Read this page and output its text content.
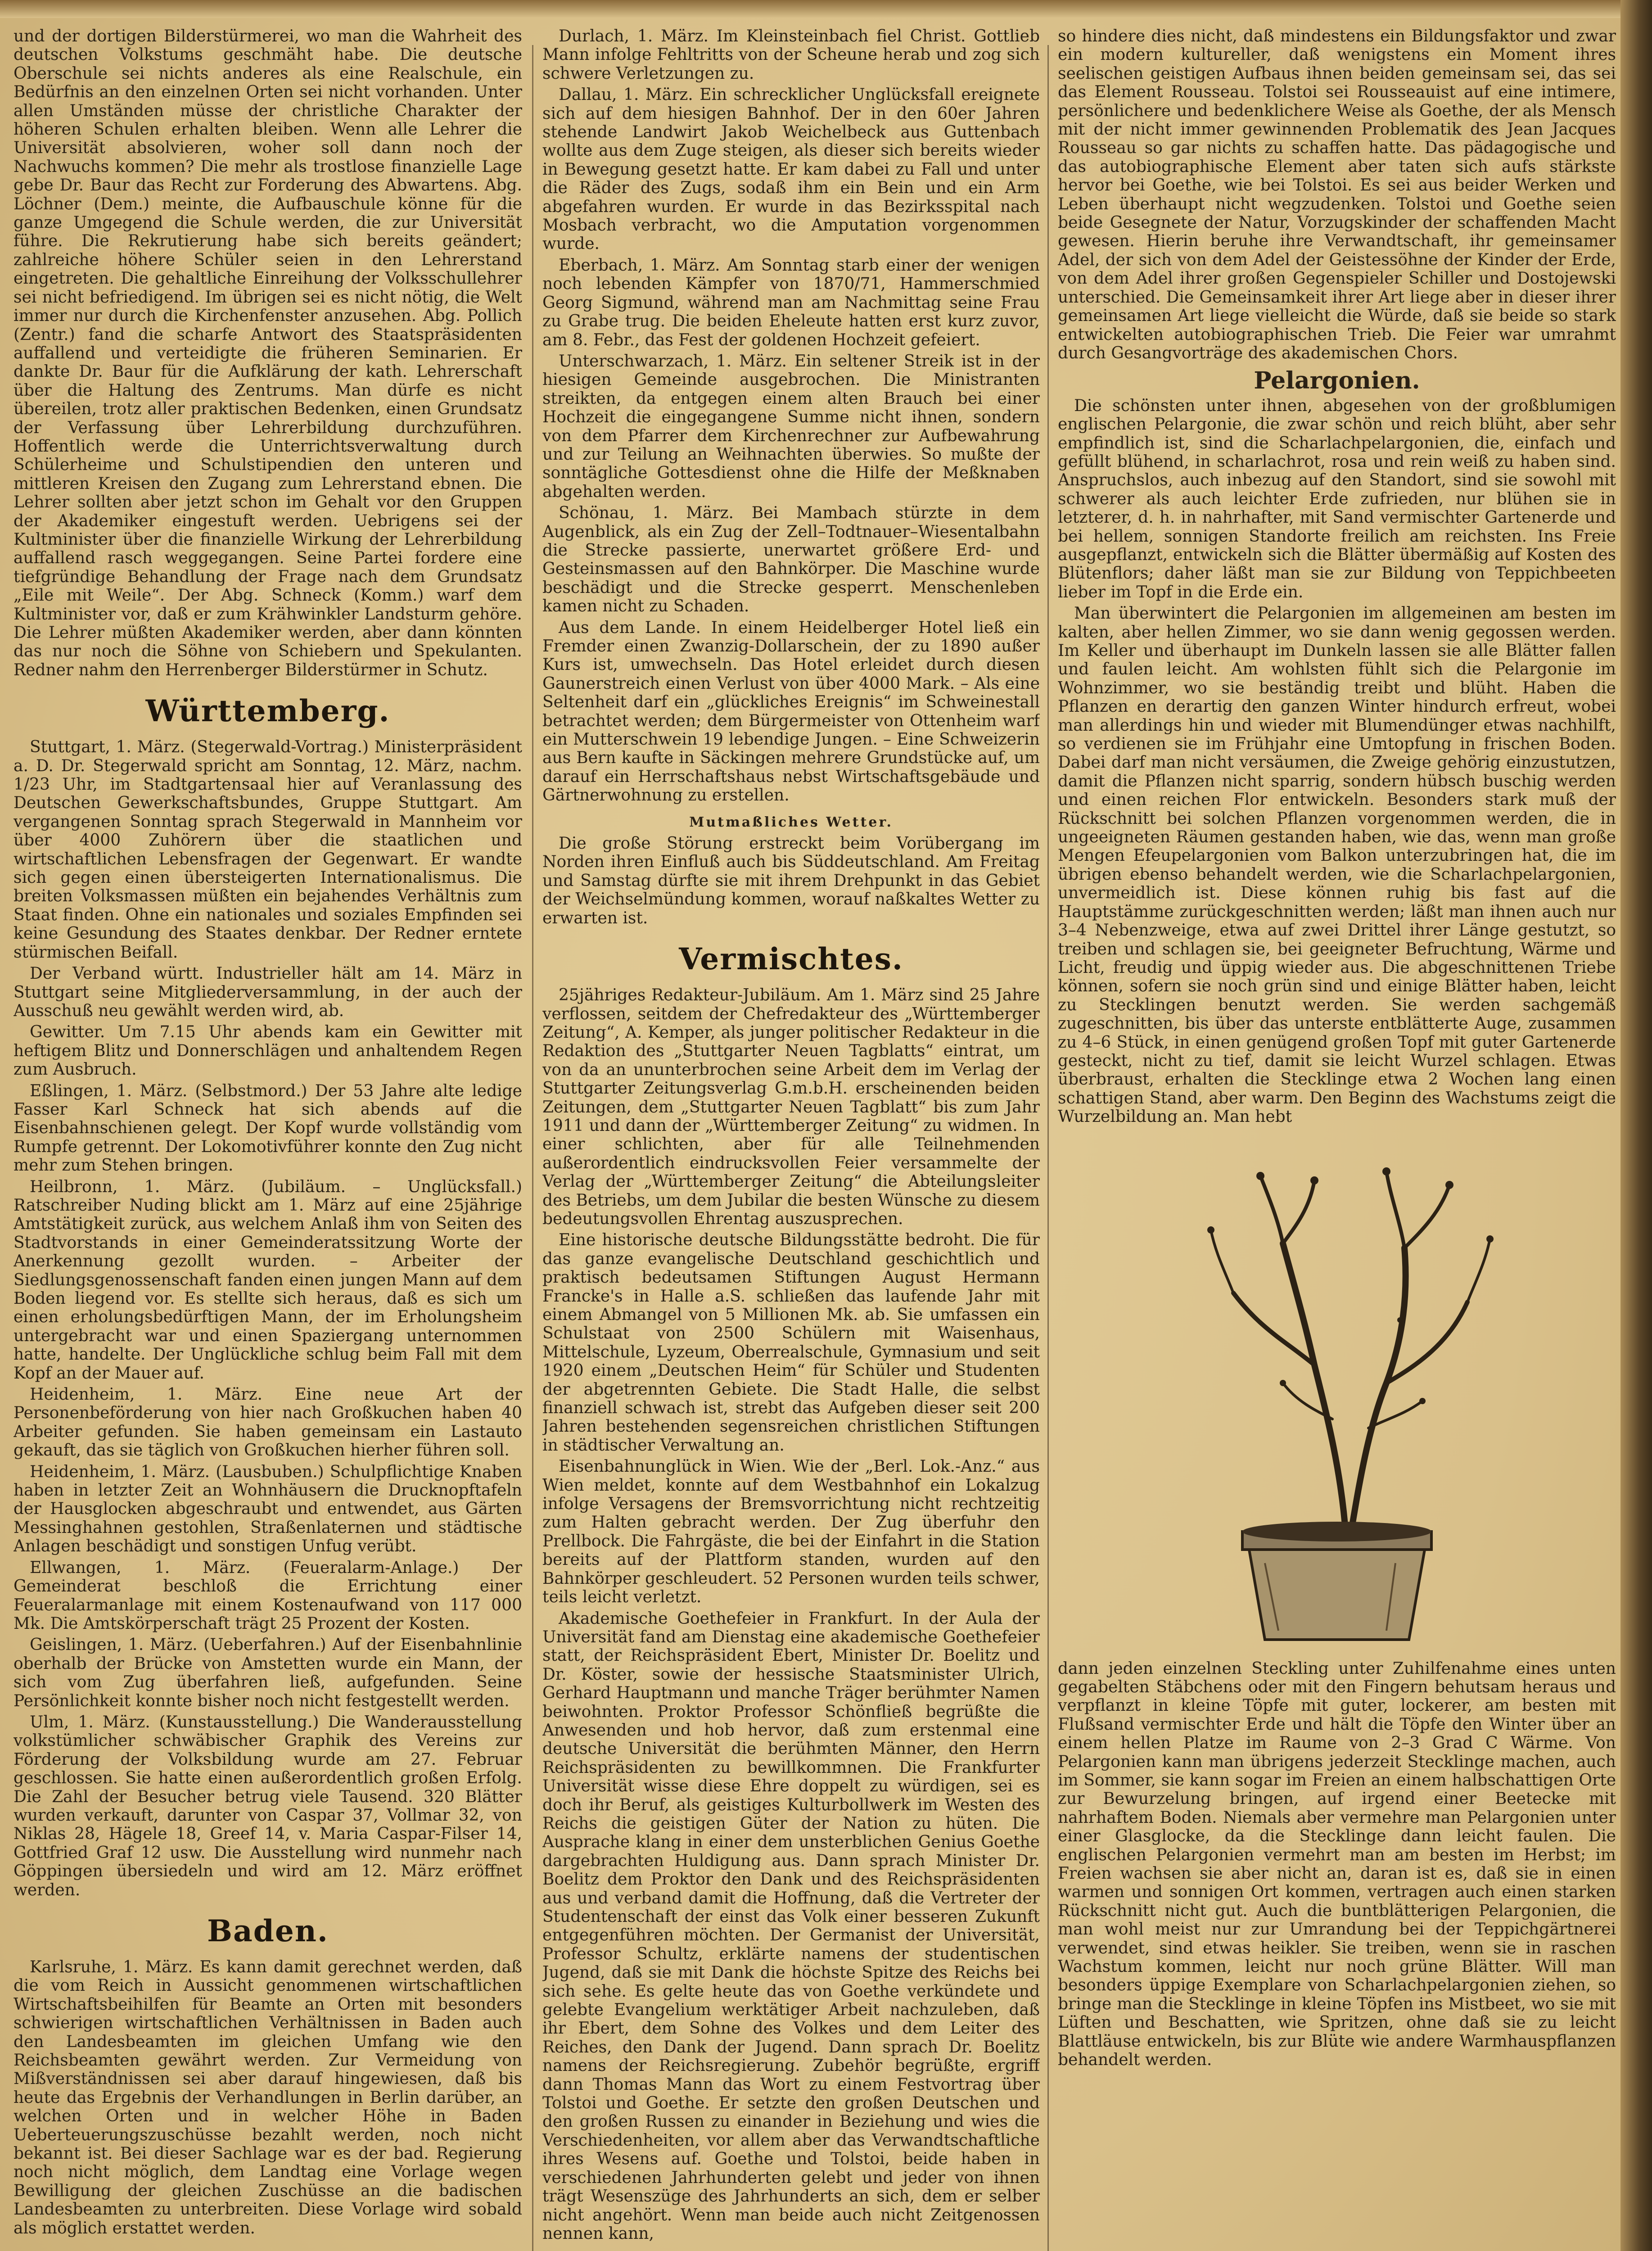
und der dortigen Bilderstürmerei, wo man die Wahrheit des deutschen Volkstums geschmäht habe. Die deutsche Oberschule sei nichts anderes als eine Realschule, ein Bedürfnis an den einzelnen Orten sei nicht vorhanden. Unter allen Umständen müsse der christliche Charakter der höheren Schulen erhalten bleiben. Wenn alle Lehrer die Universität absolvieren, woher soll dann noch der Nachwuchs kommen? Die mehr als trostlose finanzielle Lage gebe Dr. Baur das Recht zur Forderung des Abwartens. Abg. Löchner (Dem.) meinte, die Aufbauschule könne für die ganze Umgegend die Schule werden, die zur Universität führe. Die Rekrutierung habe sich bereits geändert; zahlreiche höhere Schüler seien in den Lehrerstand eingetreten. Die gehaltliche Einreihung der Volksschullehrer sei nicht befriedigend. Im übrigen sei es nicht nötig, die Welt immer nur durch die Kirchenfenster anzusehen. Abg. Pollich (Zentr.) fand die scharfe Antwort des Staatspräsidenten auffallend und verteidigte die früheren Seminarien. Er dankte Dr. Baur für die Aufklärung der kath. Lehrerschaft über die Haltung des Zentrums. Man dürfe es nicht übereilen, trotz aller praktischen Bedenken, einen Grundsatz der Verfassung über Lehrerbildung durchzuführen. Hoffentlich werde die Unterrichtsverwaltung durch Schülerheime und Schulstipendien den unteren und mittleren Kreisen den Zugang zum Lehrerstand ebnen. Die Lehrer sollten aber jetzt schon im Gehalt vor den Gruppen der Akademiker eingestuft werden. Uebrigens sei der Kultminister über die finanzielle Wirkung der Lehrerbildung auffallend rasch weggegangen. Seine Partei fordere eine tiefgründige Behandlung der Frage nach dem Grundsatz „Eile mit Weile“. Der Abg. Schneck (Komm.) warf dem Kultminister vor, daß er zum Krähwinkler Landsturm gehöre. Die Lehrer müßten Akademiker werden, aber dann könnten das nur noch die Söhne von Schiebern und Spekulanten. Redner nahm den Herrenberger Bilderstürmer in Schutz.

Württemberg.

Stuttgart, 1. März. (Stegerwald-Vortrag.) Ministerpräsident a. D. Dr. Stegerwald spricht am Sonntag, 12. März, nachm. 1/23 Uhr, im Stadtgartensaal hier auf Veranlassung des Deutschen Gewerkschaftsbundes, Gruppe Stuttgart. Am vergangenen Sonntag sprach Stegerwald in Mannheim vor über 4000 Zuhörern über die staatlichen und wirtschaftlichen Lebensfragen der Gegenwart. Er wandte sich gegen einen übersteigerten Internationalismus. Die breiten Volksmassen müßten ein bejahendes Verhältnis zum Staat finden. Ohne ein nationales und soziales Empfinden sei keine Gesundung des Staates denkbar. Der Redner erntete stürmischen Beifall.

Der Verband württ. Industrieller hält am 14. März in Stuttgart seine Mitgliederversammlung, in der auch der Ausschuß neu gewählt werden wird, ab.

Gewitter. Um 7.15 Uhr abends kam ein Gewitter mit heftigem Blitz und Donnerschlägen und anhaltendem Regen zum Ausbruch.

Eßlingen, 1. März. (Selbstmord.) Der 53 Jahre alte ledige Fasser Karl Schneck hat sich abends auf die Eisenbahnschienen gelegt. Der Kopf wurde vollständig vom Rumpfe getrennt. Der Lokomotivführer konnte den Zug nicht mehr zum Stehen bringen.

Heilbronn, 1. März. (Jubiläum. – Unglücksfall.) Ratschreiber Nuding blickt am 1. März auf eine 25jährige Amtstätigkeit zurück, aus welchem Anlaß ihm von Seiten des Stadtvorstands in einer Gemeinderatssitzung Worte der Anerkennung gezollt wurden. – Arbeiter der Siedlungsgenossenschaft fanden einen jungen Mann auf dem Boden liegend vor. Es stellte sich heraus, daß es sich um einen erholungsbedürftigen Mann, der im Erholungsheim untergebracht war und einen Spaziergang unternommen hatte, handelte. Der Unglückliche schlug beim Fall mit dem Kopf an der Mauer auf.

Heidenheim, 1. März. Eine neue Art der Personenbeförderung von hier nach Großkuchen haben 40 Arbeiter gefunden. Sie haben gemeinsam ein Lastauto gekauft, das sie täglich von Großkuchen hierher führen soll.

Heidenheim, 1. März. (Lausbuben.) Schulpflichtige Knaben haben in letzter Zeit an Wohnhäusern die Drucknopftafeln der Hausglocken abgeschraubt und entwendet, aus Gärten Messinghahnen gestohlen, Straßenlaternen und städtische Anlagen beschädigt und sonstigen Unfug verübt.

Ellwangen, 1. März. (Feueralarm-Anlage.) Der Gemeinderat beschloß die Errichtung einer Feueralarmanlage mit einem Kostenaufwand von 117 000 Mk. Die Amtskörperschaft trägt 25 Prozent der Kosten.

Geislingen, 1. März. (Ueberfahren.) Auf der Eisenbahnlinie oberhalb der Brücke von Amstetten wurde ein Mann, der sich vom Zug überfahren ließ, aufgefunden. Seine Persönlichkeit konnte bisher noch nicht festgestellt werden.

Ulm, 1. März. (Kunstausstellung.) Die Wanderausstellung volkstümlicher schwäbischer Graphik des Vereins zur Förderung der Volksbildung wurde am 27. Februar geschlossen. Sie hatte einen außerordentlich großen Erfolg. Die Zahl der Besucher betrug viele Tausend. 320 Blätter wurden verkauft, darunter von Caspar 37, Vollmar 32, von Niklas 28, Hägele 18, Greef 14, v. Maria Caspar-Filser 14, Gottfried Graf 12 usw. Die Ausstellung wird nunmehr nach Göppingen übersiedeln und wird am 12. März eröffnet werden.

Baden.

Karlsruhe, 1. März. Es kann damit gerechnet werden, daß die vom Reich in Aussicht genommenen wirtschaftlichen Wirtschaftsbeihilfen für Beamte an Orten mit besonders schwierigen wirtschaftlichen Verhältnissen in Baden auch den Landesbeamten im gleichen Umfang wie den Reichsbeamten gewährt werden. Zur Vermeidung von Mißverständnissen sei aber darauf hingewiesen, daß bis heute das Ergebnis der Verhandlungen in Berlin darüber, an welchen Orten und in welcher Höhe in Baden Ueberteuerungszuschüsse bezahlt werden, noch nicht bekannt ist. Bei dieser Sachlage war es der bad. Regierung noch nicht möglich, dem Landtag eine Vorlage wegen Bewilligung der gleichen Zuschüsse an die badischen Landesbeamten zu unterbreiten. Diese Vorlage wird sobald als möglich erstattet werden.

Durlach, 1. März. Im Kleinsteinbach fiel Christ. Gottlieb Mann infolge Fehltritts von der Scheune herab und zog sich schwere Verletzungen zu.

Dallau, 1. März. Ein schrecklicher Unglücksfall ereignete sich auf dem hiesigen Bahnhof. Der in den 60er Jahren stehende Landwirt Jakob Weichelbeck aus Guttenbach wollte aus dem Zuge steigen, als dieser sich bereits wieder in Bewegung gesetzt hatte. Er kam dabei zu Fall und unter die Räder des Zugs, sodaß ihm ein Bein und ein Arm abgefahren wurden. Er wurde in das Bezirksspital nach Mosbach verbracht, wo die Amputation vorgenommen wurde.

Eberbach, 1. März. Am Sonntag starb einer der wenigen noch lebenden Kämpfer von 1870/71, Hammerschmied Georg Sigmund, während man am Nachmittag seine Frau zu Grabe trug. Die beiden Eheleute hatten erst kurz zuvor, am 8. Febr., das Fest der goldenen Hochzeit gefeiert.

Unterschwarzach, 1. März. Ein seltener Streik ist in der hiesigen Gemeinde ausgebrochen. Die Ministranten streikten, da entgegen einem alten Brauch bei einer Hochzeit die eingegangene Summe nicht ihnen, sondern von dem Pfarrer dem Kirchenrechner zur Aufbewahrung und zur Teilung an Weihnachten überwies. So mußte der sonntägliche Gottesdienst ohne die Hilfe der Meßknaben abgehalten werden.

Schönau, 1. März. Bei Mambach stürzte in dem Augenblick, als ein Zug der Zell–Todtnauer–Wiesentalbahn die Strecke passierte, unerwartet größere Erd- und Gesteinsmassen auf den Bahnkörper. Die Maschine wurde beschädigt und die Strecke gesperrt. Menschenleben kamen nicht zu Schaden.

Aus dem Lande. In einem Heidelberger Hotel ließ ein Fremder einen Zwanzig-Dollarschein, der zu 1890 außer Kurs ist, umwechseln. Das Hotel erleidet durch diesen Gaunerstreich einen Verlust von über 4000 Mark. – Als eine Seltenheit darf ein „glückliches Ereignis“ im Schweinestall betrachtet werden; dem Bürgermeister von Ottenheim warf ein Mutterschwein 19 lebendige Jungen. – Eine Schweizerin aus Bern kaufte in Säckingen mehrere Grundstücke auf, um darauf ein Herrschaftshaus nebst Wirtschaftsgebäude und Gärtnerwohnung zu erstellen.

Mutmaßliches Wetter.

Die große Störung erstreckt beim Vorübergang im Norden ihren Einfluß auch bis Süddeutschland. Am Freitag und Samstag dürfte sie mit ihrem Drehpunkt in das Gebiet der Weichselmündung kommen, worauf naßkaltes Wetter zu erwarten ist.

Vermischtes.

25jähriges Redakteur-Jubiläum. Am 1. März sind 25 Jahre verflossen, seitdem der Chefredakteur des „Württemberger Zeitung“, A. Kemper, als junger politischer Redakteur in die Redaktion des „Stuttgarter Neuen Tagblatts“ eintrat, um von da an ununterbrochen seine Arbeit dem im Verlag der Stuttgarter Zeitungsverlag G.m.b.H. erscheinenden beiden Zeitungen, dem „Stuttgarter Neuen Tagblatt“ bis zum Jahr 1911 und dann der „Württemberger Zeitung“ zu widmen. In einer schlichten, aber für alle Teilnehmenden außerordentlich eindrucksvollen Feier versammelte der Verlag der „Württemberger Zeitung“ die Abteilungsleiter des Betriebs, um dem Jubilar die besten Wünsche zu diesem bedeutungsvollen Ehrentag auszusprechen.

Eine historische deutsche Bildungsstätte bedroht. Die für das ganze evangelische Deutschland geschichtlich und praktisch bedeutsamen Stiftungen August Hermann Francke's in Halle a.S. schließen das laufende Jahr mit einem Abmangel von 5 Millionen Mk. ab. Sie umfassen ein Schulstaat von 2500 Schülern mit Waisenhaus, Mittelschule, Lyzeum, Oberrealschule, Gymnasium und seit 1920 einem „Deutschen Heim“ für Schüler und Studenten der abgetrennten Gebiete. Die Stadt Halle, die selbst finanziell schwach ist, strebt das Aufgeben dieser seit 200 Jahren bestehenden segensreichen christlichen Stiftungen in städtischer Verwaltung an.

Eisenbahnunglück in Wien. Wie der „Berl. Lok.-Anz.“ aus Wien meldet, konnte auf dem Westbahnhof ein Lokalzug infolge Versagens der Bremsvorrichtung nicht rechtzeitig zum Halten gebracht werden. Der Zug überfuhr den Prellbock. Die Fahrgäste, die bei der Einfahrt in die Station bereits auf der Plattform standen, wurden auf den Bahnkörper geschleudert. 52 Personen wurden teils schwer, teils leicht verletzt.

Akademische Goethefeier in Frankfurt. In der Aula der Universität fand am Dienstag eine akademische Goethefeier statt, der Reichspräsident Ebert, Minister Dr. Boelitz und Dr. Köster, sowie der hessische Staatsminister Ulrich, Gerhard Hauptmann und manche Träger berühmter Namen beiwohnten. Proktor Professor Schönfließ begrüßte die Anwesenden und hob hervor, daß zum erstenmal eine deutsche Universität die berühmten Männer, den Herrn Reichspräsidenten zu bewillkommnen. Die Frankfurter Universität wisse diese Ehre doppelt zu würdigen, sei es doch ihr Beruf, als geistiges Kulturbollwerk im Westen des Reichs die geistigen Güter der Nation zu hüten. Die Ausprache klang in einer dem unsterblichen Genius Goethe dargebrachten Huldigung aus. Dann sprach Minister Dr. Boelitz dem Proktor den Dank und des Reichspräsidenten aus und verband damit die Hoffnung, daß die Vertreter der Studentenschaft der einst das Volk einer besseren Zukunft entgegenführen möchten. Der Germanist der Universität, Professor Schultz, erklärte namens der studentischen Jugend, daß sie mit Dank die höchste Spitze des Reichs bei sich sehe. Es gelte heute das von Goethe verkündete und gelebte Evangelium werktätiger Arbeit nachzuleben, daß ihr Ebert, dem Sohne des Volkes und dem Leiter des Reiches, den Dank der Jugend. Dann sprach Dr. Boelitz namens der Reichsregierung. Zubehör begrüßte, ergriff dann Thomas Mann das Wort zu einem Festvortrag über Tolstoi und Goethe. Er setzte den großen Deutschen und den großen Russen zu einander in Beziehung und wies die Verschiedenheiten, vor allem aber das Verwandtschaftliche ihres Wesens auf. Goethe und Tolstoi, beide haben in verschiedenen Jahrhunderten gelebt und jeder von ihnen trägt Wesenszüge des Jahrhunderts an sich, dem er selber nicht angehört. Wenn man beide auch nicht Zeitgenossen nennen kann,

so hindere dies nicht, daß mindestens ein Bildungsfaktor und zwar ein modern kultureller, daß wenigstens ein Moment ihres seelischen geistigen Aufbaus ihnen beiden gemeinsam sei, das sei das Element Rousseau. Tolstoi sei Rousseauist auf eine intimere, persönlichere und bedenklichere Weise als Goethe, der als Mensch mit der nicht immer gewinnenden Problematik des Jean Jacques Rousseau so gar nichts zu schaffen hatte. Das pädagogische und das autobiographische Element aber taten sich aufs stärkste hervor bei Goethe, wie bei Tolstoi. Es sei aus beider Werken und Leben überhaupt nicht wegzudenken. Tolstoi und Goethe seien beide Gesegnete der Natur, Vorzugskinder der schaffenden Macht gewesen. Hierin beruhe ihre Verwandtschaft, ihr gemeinsamer Adel, der sich von dem Adel der Geistessöhne der Kinder der Erde, von dem Adel ihrer großen Gegenspieler Schiller und Dostojewski unterschied. Die Gemeinsamkeit ihrer Art liege aber in dieser ihrer gemeinsamen Art liege vielleicht die Würde, daß sie beide so stark entwickelten autobiographischen Trieb. Die Feier war umrahmt durch Gesangvorträge des akademischen Chors.

Pelargonien.

Die schönsten unter ihnen, abgesehen von der großblumigen englischen Pelargonie, die zwar schön und reich blüht, aber sehr empfindlich ist, sind die Scharlachpelargonien, die, einfach und gefüllt blühend, in scharlachrot, rosa und rein weiß zu haben sind. Anspruchslos, auch inbezug auf den Standort, sind sie sowohl mit schwerer als auch leichter Erde zufrieden, nur blühen sie in letzterer, d. h. in nahrhafter, mit Sand vermischter Gartenerde und bei hellem, sonnigen Standorte freilich am reichsten. Ins Freie ausgepflanzt, entwickeln sich die Blätter übermäßig auf Kosten des Blütenflors; daher läßt man sie zur Bildung von Teppichbeeten lieber im Topf in die Erde ein.

Man überwintert die Pelargonien im allgemeinen am besten im kalten, aber hellen Zimmer, wo sie dann wenig gegossen werden. Im Keller und überhaupt im Dunkeln lassen sie alle Blätter fallen und faulen leicht. Am wohlsten fühlt sich die Pelargonie im Wohnzimmer, wo sie beständig treibt und blüht. Haben die Pflanzen en derartig den ganzen Winter hindurch erfreut, wobei man allerdings hin und wieder mit Blumendünger etwas nachhilft, so verdienen sie im Frühjahr eine Umtopfung in frischen Boden. Dabei darf man nicht versäumen, die Zweige gehörig einzustutzen, damit die Pflanzen nicht sparrig, sondern hübsch buschig werden und einen reichen Flor entwickeln. Besonders stark muß der Rückschnitt bei solchen Pflanzen vorgenommen werden, die in ungeeigneten Räumen gestanden haben, wie das, wenn man große Mengen Efeupelargonien vom Balkon unterzubringen hat, die im übrigen ebenso behandelt werden, wie die Scharlachpelargonien, unvermeidlich ist. Diese können ruhig bis fast auf die Hauptstämme zurückgeschnitten werden; läßt man ihnen auch nur 3–4 Nebenzweige, etwa auf zwei Drittel ihrer Länge gestutzt, so treiben und schlagen sie, bei geeigneter Befruchtung, Wärme und Licht, freudig und üppig wieder aus. Die abgeschnittenen Triebe können, sofern sie noch grün sind und einige Blätter haben, leicht zu Stecklingen benutzt werden. Sie werden sachgemäß zugeschnitten, bis über das unterste entblätterte Auge, zusammen zu 4–6 Stück, in einen genügend großen Topf mit guter Gartenerde gesteckt, nicht zu tief, damit sie leicht Wurzel schlagen. Etwas überbraust, erhalten die Stecklinge etwa 2 Wochen lang einen schattigen Stand, aber warm. Den Beginn des Wachstums zeigt die Wurzelbildung an. Man hebt

dann jeden einzelnen Steckling unter Zuhilfenahme eines unten gegabelten Stäbchens oder mit den Fingern behutsam heraus und verpflanzt in kleine Töpfe mit guter, lockerer, am besten mit Flußsand vermischter Erde und hält die Töpfe den Winter über an einem hellen Platze im Raume von 2–3 Grad C Wärme. Von Pelargonien kann man übrigens jederzeit Stecklinge machen, auch im Sommer, sie kann sogar im Freien an einem halbschattigen Orte zur Bewurzelung bringen, auf irgend einer Beetecke mit nahrhaftem Boden. Niemals aber vermehre man Pelargonien unter einer Glasglocke, da die Stecklinge dann leicht faulen. Die englischen Pelargonien vermehrt man am besten im Herbst; im Freien wachsen sie aber nicht an, daran ist es, daß sie in einen warmen und sonnigen Ort kommen, vertragen auch einen starken Rückschnitt nicht gut. Auch die buntblätterigen Pelargonien, die man wohl meist nur zur Umrandung bei der Teppichgärtnerei verwendet, sind etwas heikler. Sie treiben, wenn sie in raschen Wachstum kommen, leicht nur noch grüne Blätter. Will man besonders üppige Exemplare von Scharlachpelargonien ziehen, so bringe man die Stecklinge in kleine Töpfen ins Mistbeet, wo sie mit Lüften und Beschatten, wie Spritzen, ohne daß sie zu leicht Blattläuse entwickeln, bis zur Blüte wie andere Warmhauspflanzen behandelt werden.
